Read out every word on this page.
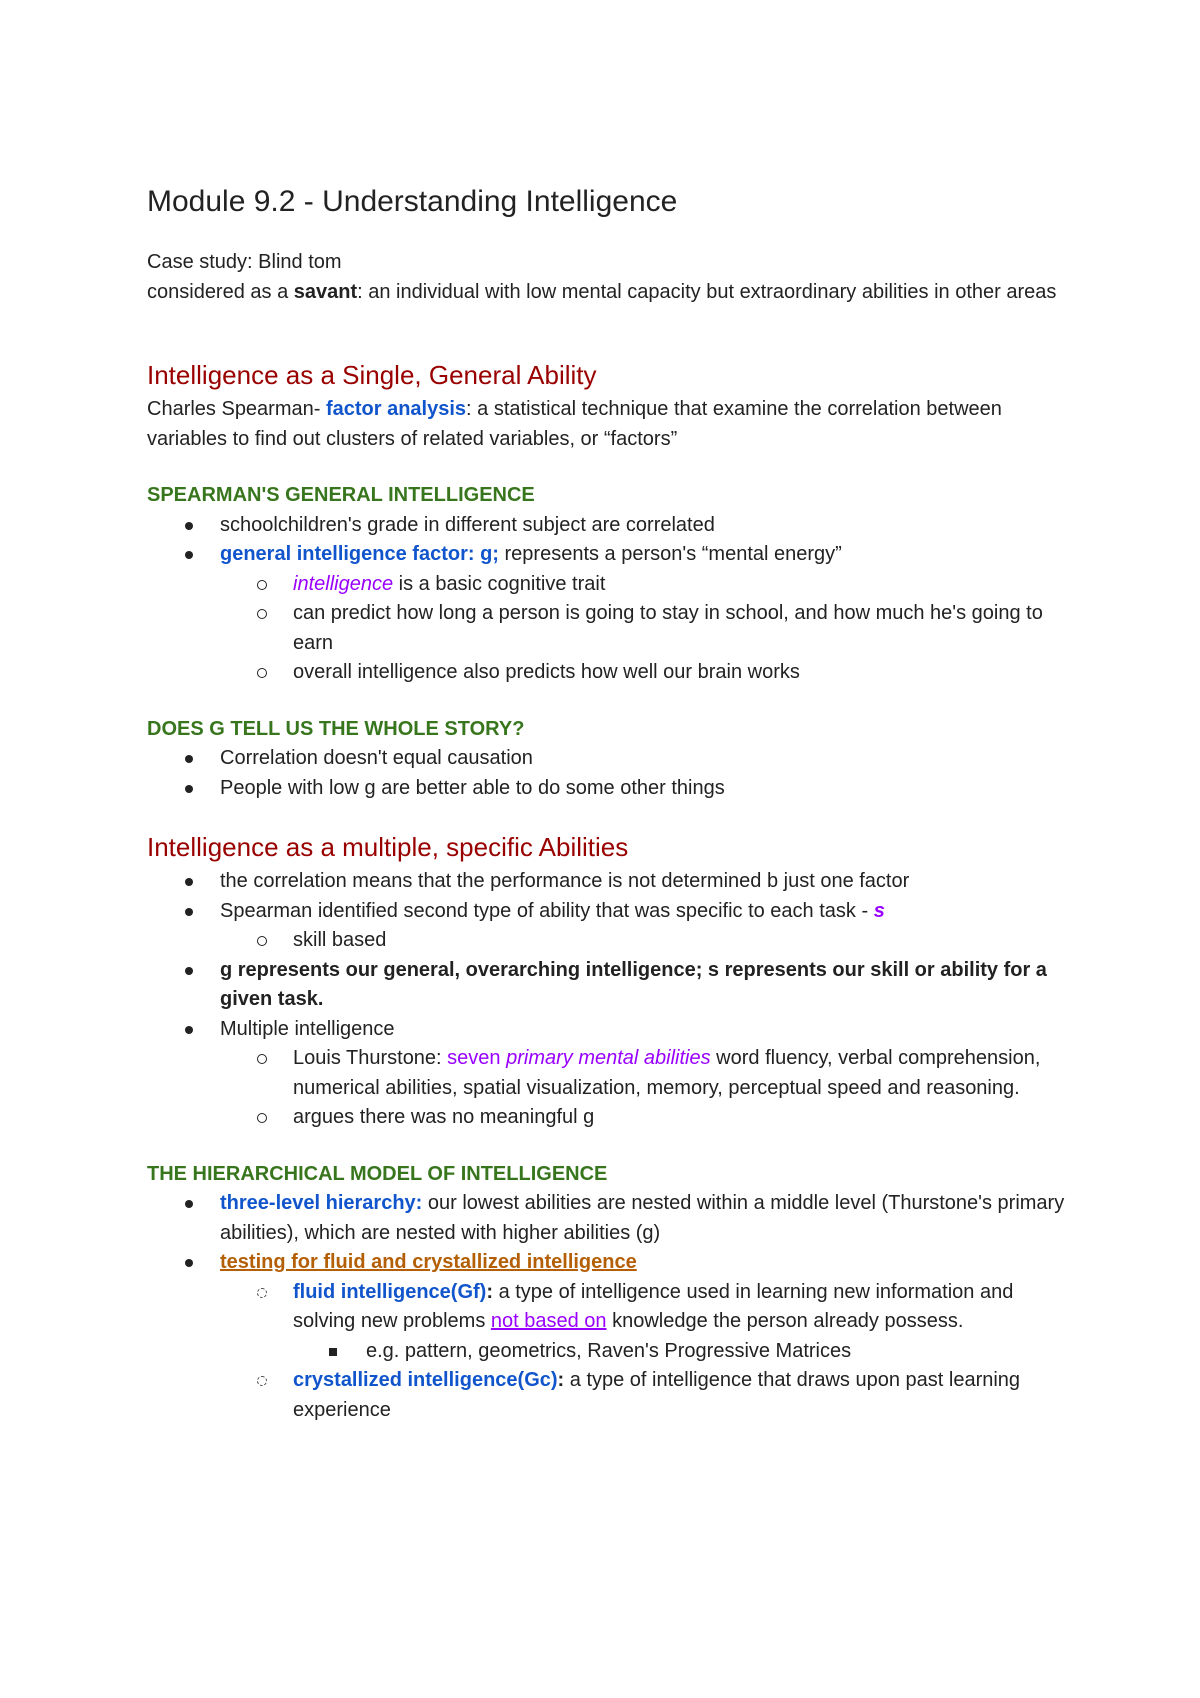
Module 9.2 - Understanding Intelligence

Case study: Blind tom

considered as a savant: an individual with low mental capacity but extraordinary abilities in other areas

Intelligence as a Single, General Ability

Charles Spearman- factor analysis: a statistical technique that examine the correlation between variables to find out clusters of related variables, or “factors”

SPEARMAN'S GENERAL INTELLIGENCE
schoolchildren's grade in different subject are correlated
general intelligence factor: g; represents a person's “mental energy”
intelligence is a basic cognitive trait
can predict how long a person is going to stay in school, and how much he's going to earn
overall intelligence also predicts how well our brain works
DOES G TELL US THE WHOLE STORY?
Correlation doesn't equal causation
People with low g are better able to do some other things
Intelligence as a multiple, specific Abilities
the correlation means that the performance is not determined b just one factor
Spearman identified second type of ability that was specific to each task - s
skill based
g represents our general, overarching intelligence; s represents our skill or ability for a given task.
Multiple intelligence
Louis Thurstone: seven primary mental abilities word fluency, verbal comprehension, numerical abilities, spatial visualization, memory, perceptual speed and reasoning.
argues there was no meaningful g
THE HIERARCHICAL MODEL OF INTELLIGENCE
three-level hierarchy: our lowest abilities are nested within a middle level (Thurstone's primary abilities), which are nested with higher abilities (g)
testing for fluid and crystallized intelligence
fluid intelligence(Gf): a type of intelligence used in learning new information and solving new problems not based on knowledge the person already possess.
e.g. pattern, geometrics, Raven's Progressive Matrices
crystallized intelligence(Gc): a type of intelligence that draws upon past learning experience
